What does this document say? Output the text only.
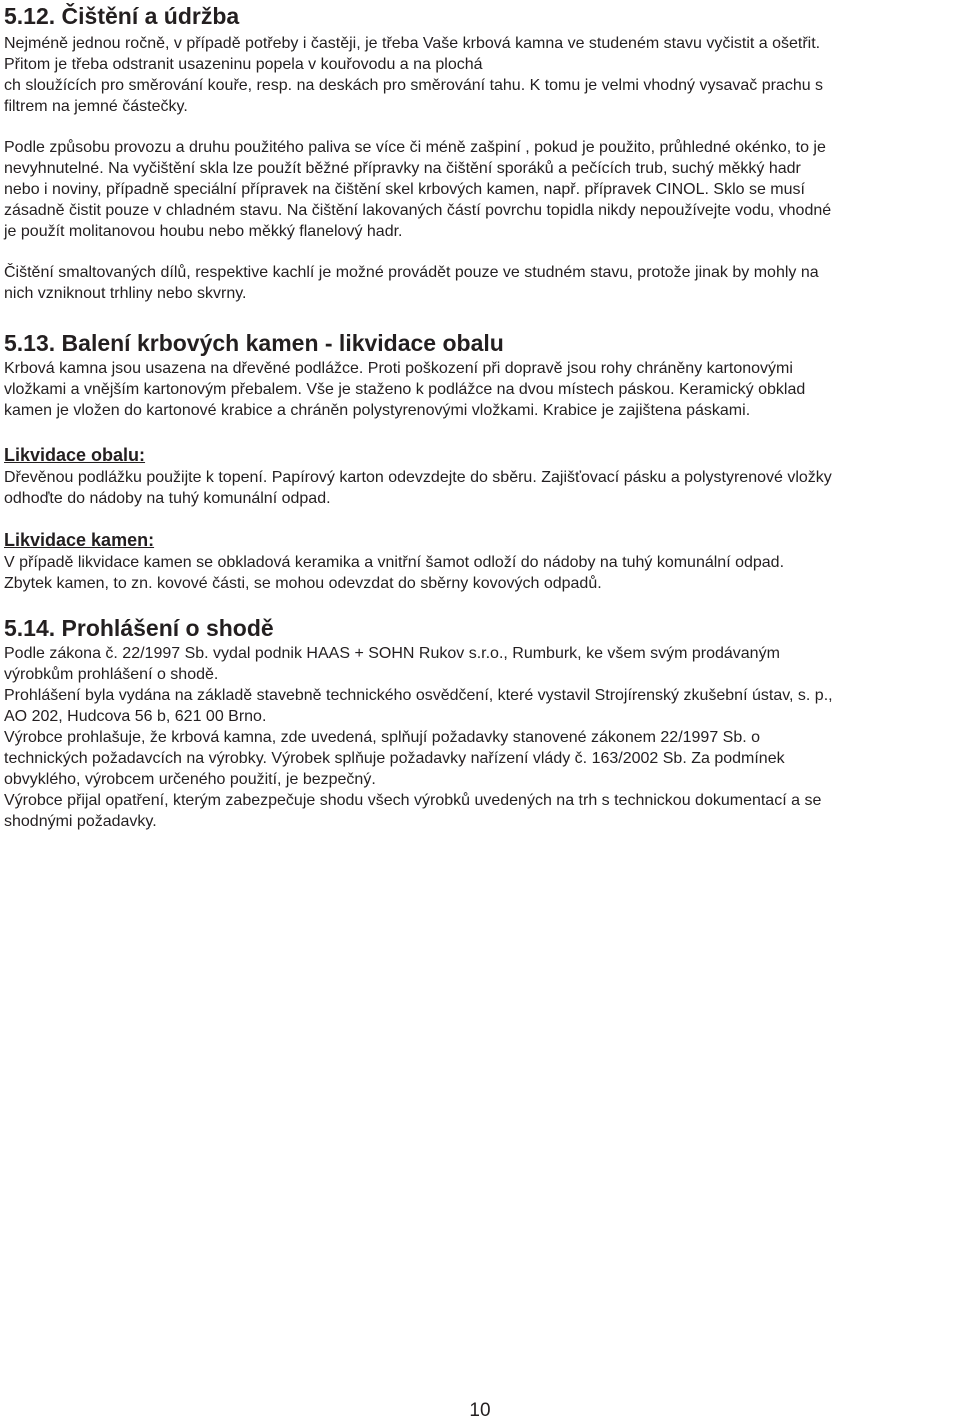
5.12. Čištění a údržba
Nejméně jednou ročně, v případě potřeby i častěji, je třeba Vaše krbová kamna ve studeném stavu vyčistit a ošetřit.
Přitom je třeba odstranit usazeninu popela v kouřovodu a na plochá
ch sloužících pro směrování kouře, resp. na deskách pro směrování tahu. K tomu je velmi vhodný vysavač prachu s
filtrem na jemné částečky.
Podle způsobu provozu a druhu použitého paliva se více či méně zašpiní , pokud je použito, průhledné okénko, to je
nevyhnutelné. Na vyčištění skla lze použít běžné přípravky na čištění sporáků a pečících trub, suchý měkký hadr
nebo i noviny, případně speciální přípravek na čištění skel krbových kamen, např. přípravek CINOL. Sklo se musí
zásadně čistit pouze v chladném stavu. Na čištění lakovaných částí povrchu topidla nikdy nepoužívejte vodu, vhodné
je použít molitanovou houbu nebo měkký flanelový hadr.
Čištění smaltovaných dílů, respektive kachlí je možné provádět pouze ve studném stavu, protože jinak by mohly na
nich vzniknout trhliny nebo skvrny.
5.13. Balení krbových kamen - likvidace obalu
Krbová kamna jsou usazena na dřevěné podlážce. Proti poškození při dopravě jsou rohy chráněny kartonovými
vložkami a vnějším kartonovým přebalem. Vše je staženo k podlážce na dvou místech páskou. Keramický obklad
kamen je vložen do kartonové krabice a chráněn polystyrenovými vložkami. Krabice je zajištena páskami.
Likvidace obalu:
Dřevěnou podlážku použijte k topení. Papírový karton odevzdejte do sběru. Zajišťovací pásku a polystyrenové vložky
odhoďte do nádoby na tuhý komunální odpad.
Likvidace kamen:
V případě likvidace kamen se obkladová keramika a vnitřní šamot odloží do nádoby na tuhý komunální odpad.
Zbytek kamen, to zn. kovové části, se mohou odevzdat do sběrny kovových odpadů.
5.14. Prohlášení o shodě
Podle zákona č. 22/1997 Sb. vydal podnik HAAS + SOHN Rukov s.r.o., Rumburk, ke všem svým prodávaným
výrobkům prohlášení o shodě.
Prohlášení byla vydána na základě stavebně technického osvědčení, které vystavil Strojírenský zkušební ústav, s. p.,
AO 202, Hudcova 56 b, 621 00 Brno.
Výrobce prohlašuje, že krbová kamna, zde uvedená, splňují požadavky stanovené zákonem 22/1997 Sb. o
technických požadavcích na výrobky. Výrobek splňuje požadavky nařízení vlády č. 163/2002 Sb. Za podmínek
obvyklého, výrobcem určeného použití, je bezpečný.
Výrobce přijal opatření, kterým zabezpečuje shodu všech výrobků uvedených na trh s technickou dokumentací a se
shodnými požadavky.
10
